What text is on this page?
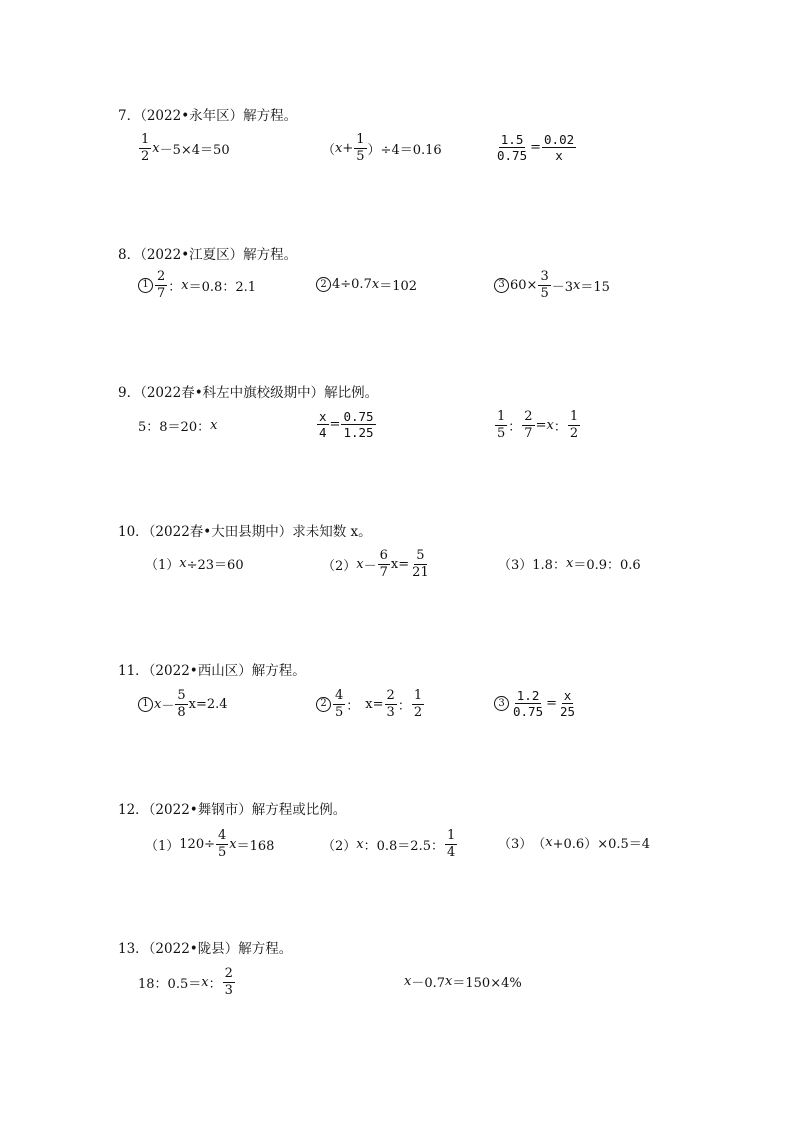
7．（2022•永年区）解方程。
$\frac{1}{2}$ x －5×4＝50	（ $x + \frac{1}{5} )\div 4=0.16$	$\frac{1.5}{0.75} = \frac{0.02}{x}$
8．（2022•江夏区）解方程。
$1 \frac{2}{7}$ ： x ＝0.8：2.1	2 4÷0.7 x ＝102	3 $60\times \frac{3}{5} -3$ x ＝15
9．（2022春•科左中旗校级期中）解比例。
5：8＝20： x	$\frac{x}{4} = \frac{0.75}{1.25}$	$\frac{1}{5}$ ： $\frac{2}{7} = x$ ： $\frac{1}{2}$
10．（2022春•大田县期中）求未知数 x。
（1） x ÷23＝60	（2） $x - \frac{6}{7}$ $x = \frac{5}{21}$	（3） 1.8： x ＝0.9：0.6
11．（2022•西山区）解方程。
1 $x - \frac{5}{8}$ x =2.4	$2 \frac{4}{5}$ ： $x = \frac{2}{3}$ ： $\frac{1}{2}$	$3 \frac{1.2}{0.75} = \frac{x}{25}$
12．（2022•舞钢市）解方程或比例。
（1） $120\div \frac{4}{5}$ x ＝168	（2） x ：0.8＝2.5： $\frac{1}{4}$	（3） （ x +0.6）×0.5＝4
13．（2022•陇县）解方程。
18：0.5＝ x ： $\frac{2}{3}$	x －0.7 x ＝150×4%
